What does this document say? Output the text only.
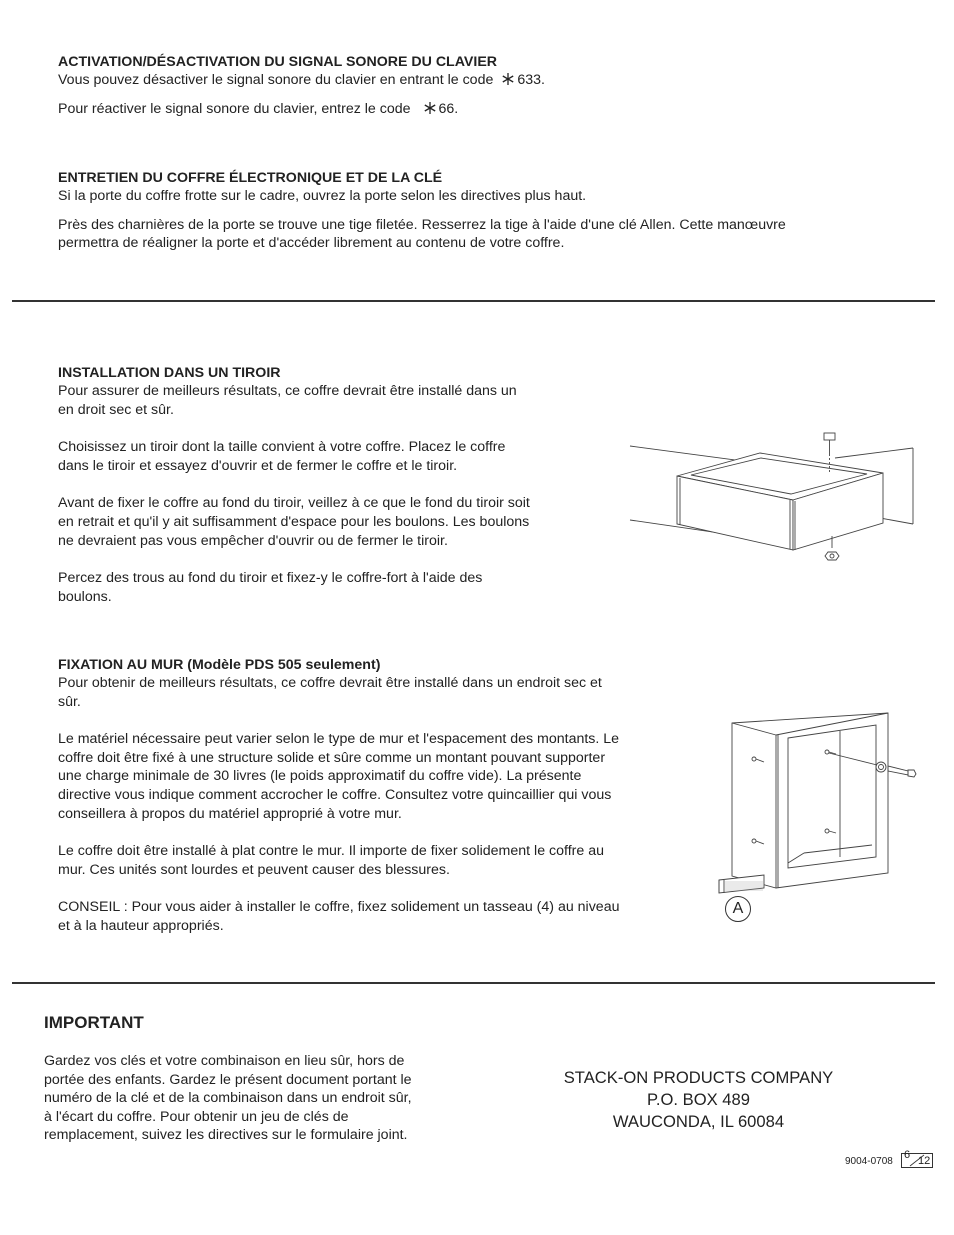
ACTIVATION/DÉSACTIVATION DU SIGNAL SONORE DU CLAVIER

Vous pouvez désactiver le signal sonore du clavier en entrant le code 633.

Pour réactiver le signal sonore du clavier, entrez le code 66.

ENTRETIEN DU COFFRE ÉLECTRONIQUE ET DE LA CLÉ

Si la porte du coffre frotte sur le cadre, ouvrez la porte selon les directives plus haut.

Près des charnières de la porte se trouve une tige filetée. Resserrez la tige à l'aide d'une clé Allen. Cette manœuvre

permettra de réaligner la porte et d'accéder librement au contenu de votre coffre.

INSTALLATION DANS UN TIROIR

Pour assurer de meilleurs résultats, ce coffre devrait être installé dans un

en droit sec et sûr.

Choisissez un tiroir dont la taille convient à votre coffre. Placez le coffre

dans le tiroir et essayez d'ouvrir et de fermer le coffre et le tiroir.

Avant de fixer le coffre au fond du tiroir, veillez à ce que le fond du tiroir soit

en retrait et qu'il y ait suffisamment d'espace pour les boulons. Les boulons

ne devraient pas vous empêcher d'ouvrir ou de fermer le tiroir.

Percez des trous au fond du tiroir et fixez-y le coffre-fort à l'aide des

boulons.

FIXATION AU MUR (Modèle PDS 505 seulement)

Pour obtenir de meilleurs résultats, ce coffre devrait être installé dans un endroit sec et

sûr.

Le matériel nécessaire peut varier selon le type de mur et l'espacement des montants. Le

coffre doit être fixé à une structure solide et sûre comme un montant pouvant supporter

une charge minimale de 30 livres (le poids approximatif du coffre vide). La présente

directive vous indique comment accrocher le coffre. Consultez votre quincaillier qui vous

conseillera à propos du matériel approprié à votre mur.

Le coffre doit être installé à plat contre le mur. Il importe de fixer solidement le coffre au

mur. Ces unités sont lourdes et peuvent causer des blessures.

CONSEIL : Pour vous aider à installer le coffre, fixez solidement un tasseau (4) au niveau

et à la hauteur appropriés.

A

IMPORTANT

Gardez vos clés et votre combinaison en lieu sûr, hors de

portée des enfants. Gardez le présent document portant le

numéro de la clé et de la combinaison dans un endroit sûr,

à l'écart du coffre. Pour obtenir un jeu de clés de

remplacement, suivez les directives sur le formulaire joint.

STACK-ON PRODUCTS COMPANY
P.O. BOX 489
WAUCONDA, IL 60084
9004-0708
6 12
